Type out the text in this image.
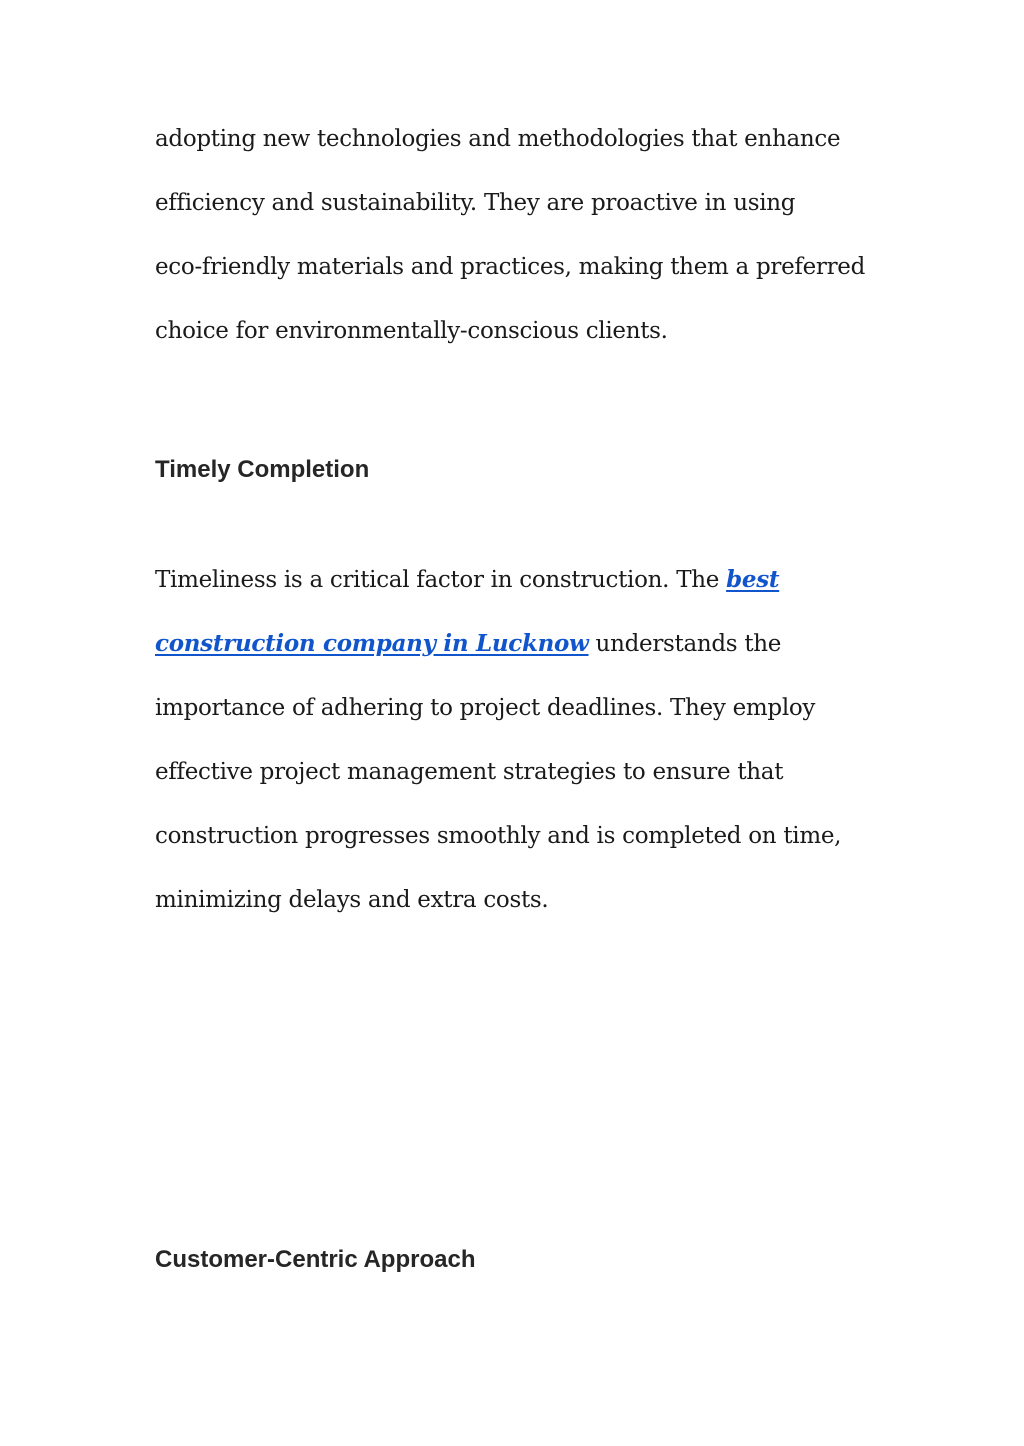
adopting new technologies and methodologies that enhance
efficiency and sustainability. They are proactive in using
eco-friendly materials and practices, making them a preferred
choice for environmentally-conscious clients.

Timely Completion

Timeliness is a critical factor in construction. The best
construction company in Lucknow understands the
importance of adhering to project deadlines. They employ
effective project management strategies to ensure that
construction progresses smoothly and is completed on time,
minimizing delays and extra costs.

Customer-Centric Approach
